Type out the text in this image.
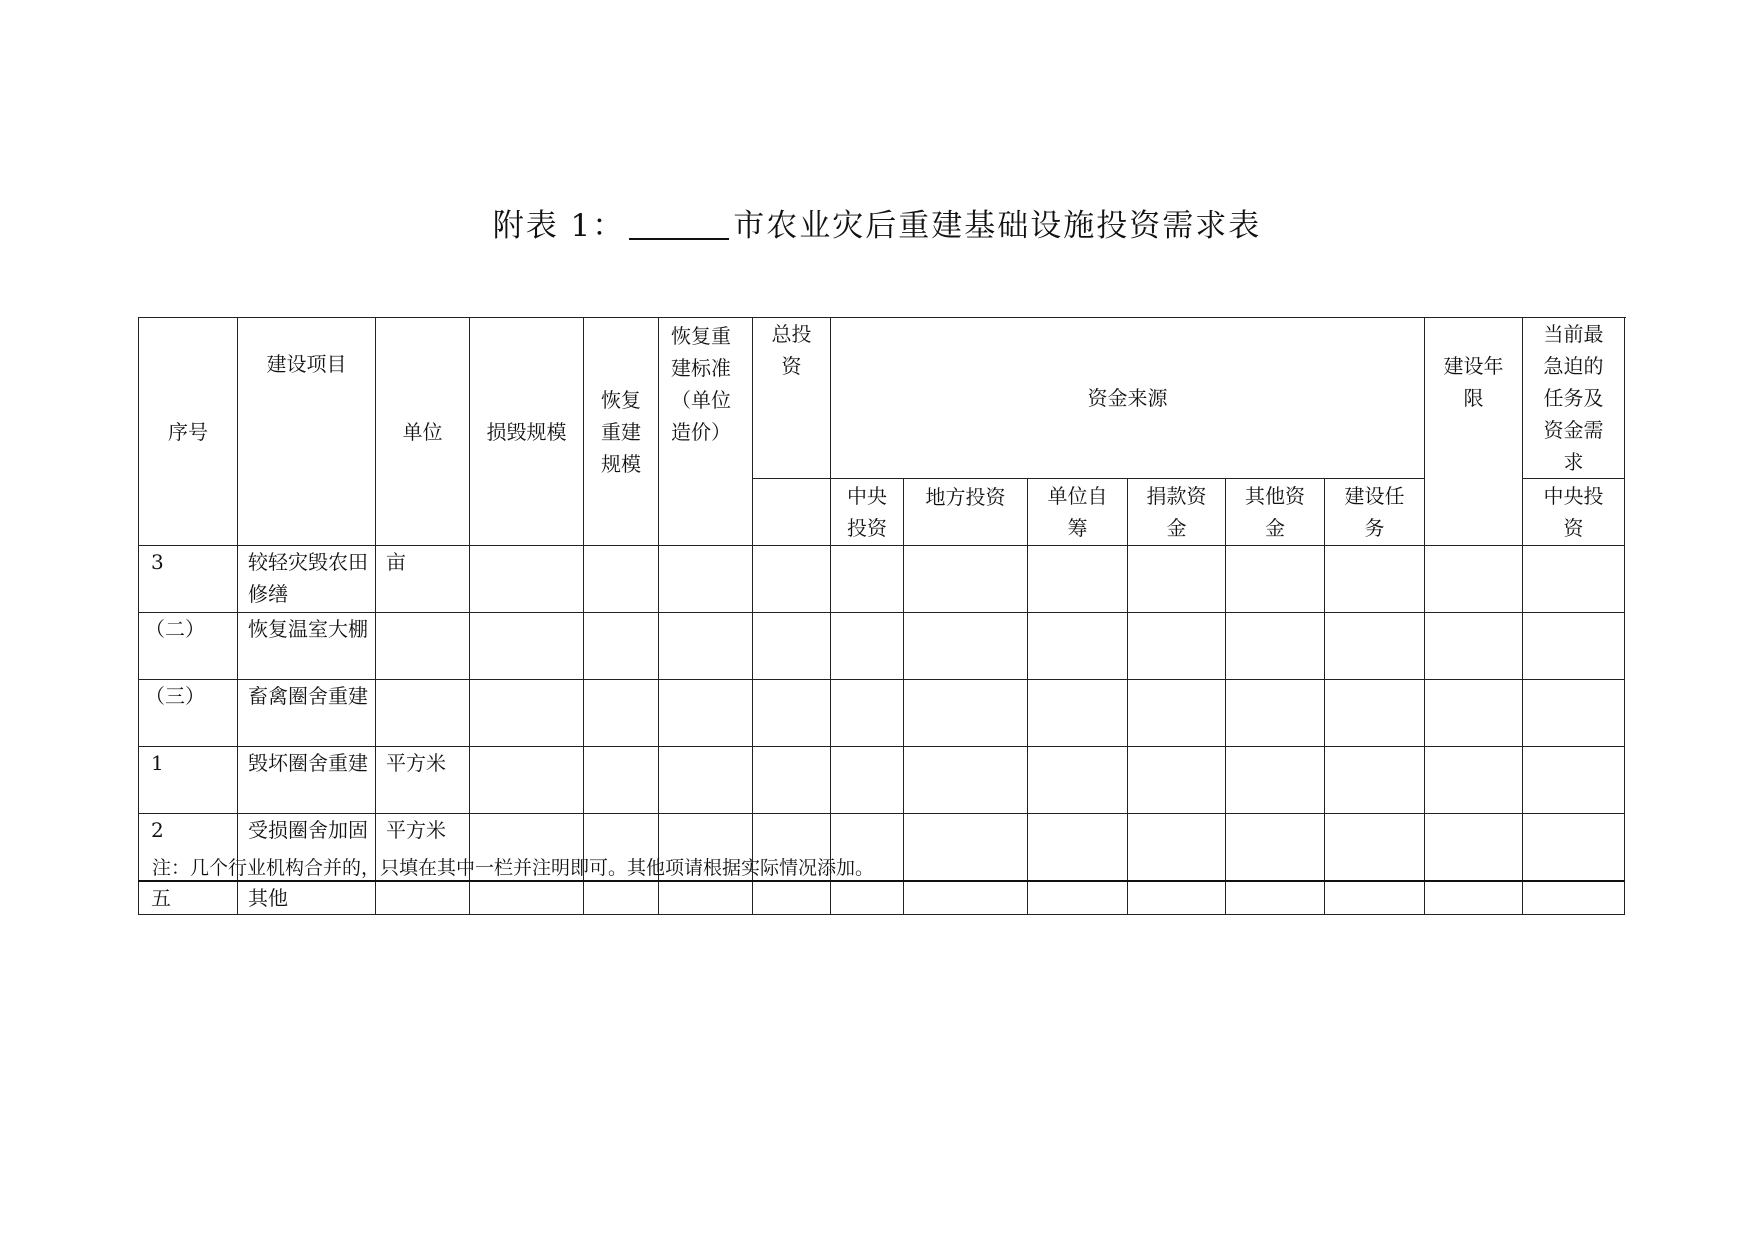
附表 1：	市农业灾后重建基础设施投资需求表
序号	建设项目	单位	损毁规模	恢复重建规模	恢复重建标准（单位造价）	总投资	资金来源						建设年限	当前最急迫的任务及资金需求
							中央投资	地方投资	单位自筹	捐款资金	其他资金	建设任务		中央投资
3	较轻灾毁农田修缮	亩												
（二）	恢复温室大棚													
（三）	畜禽圈舍重建													
1	毁坏圈舍重建	平方米												
2	受损圈舍加固	平方米												
五	其他													
注：几个行业机构合并的，只填在其中一栏并注明即可。其他项请根据实际情况添加。
